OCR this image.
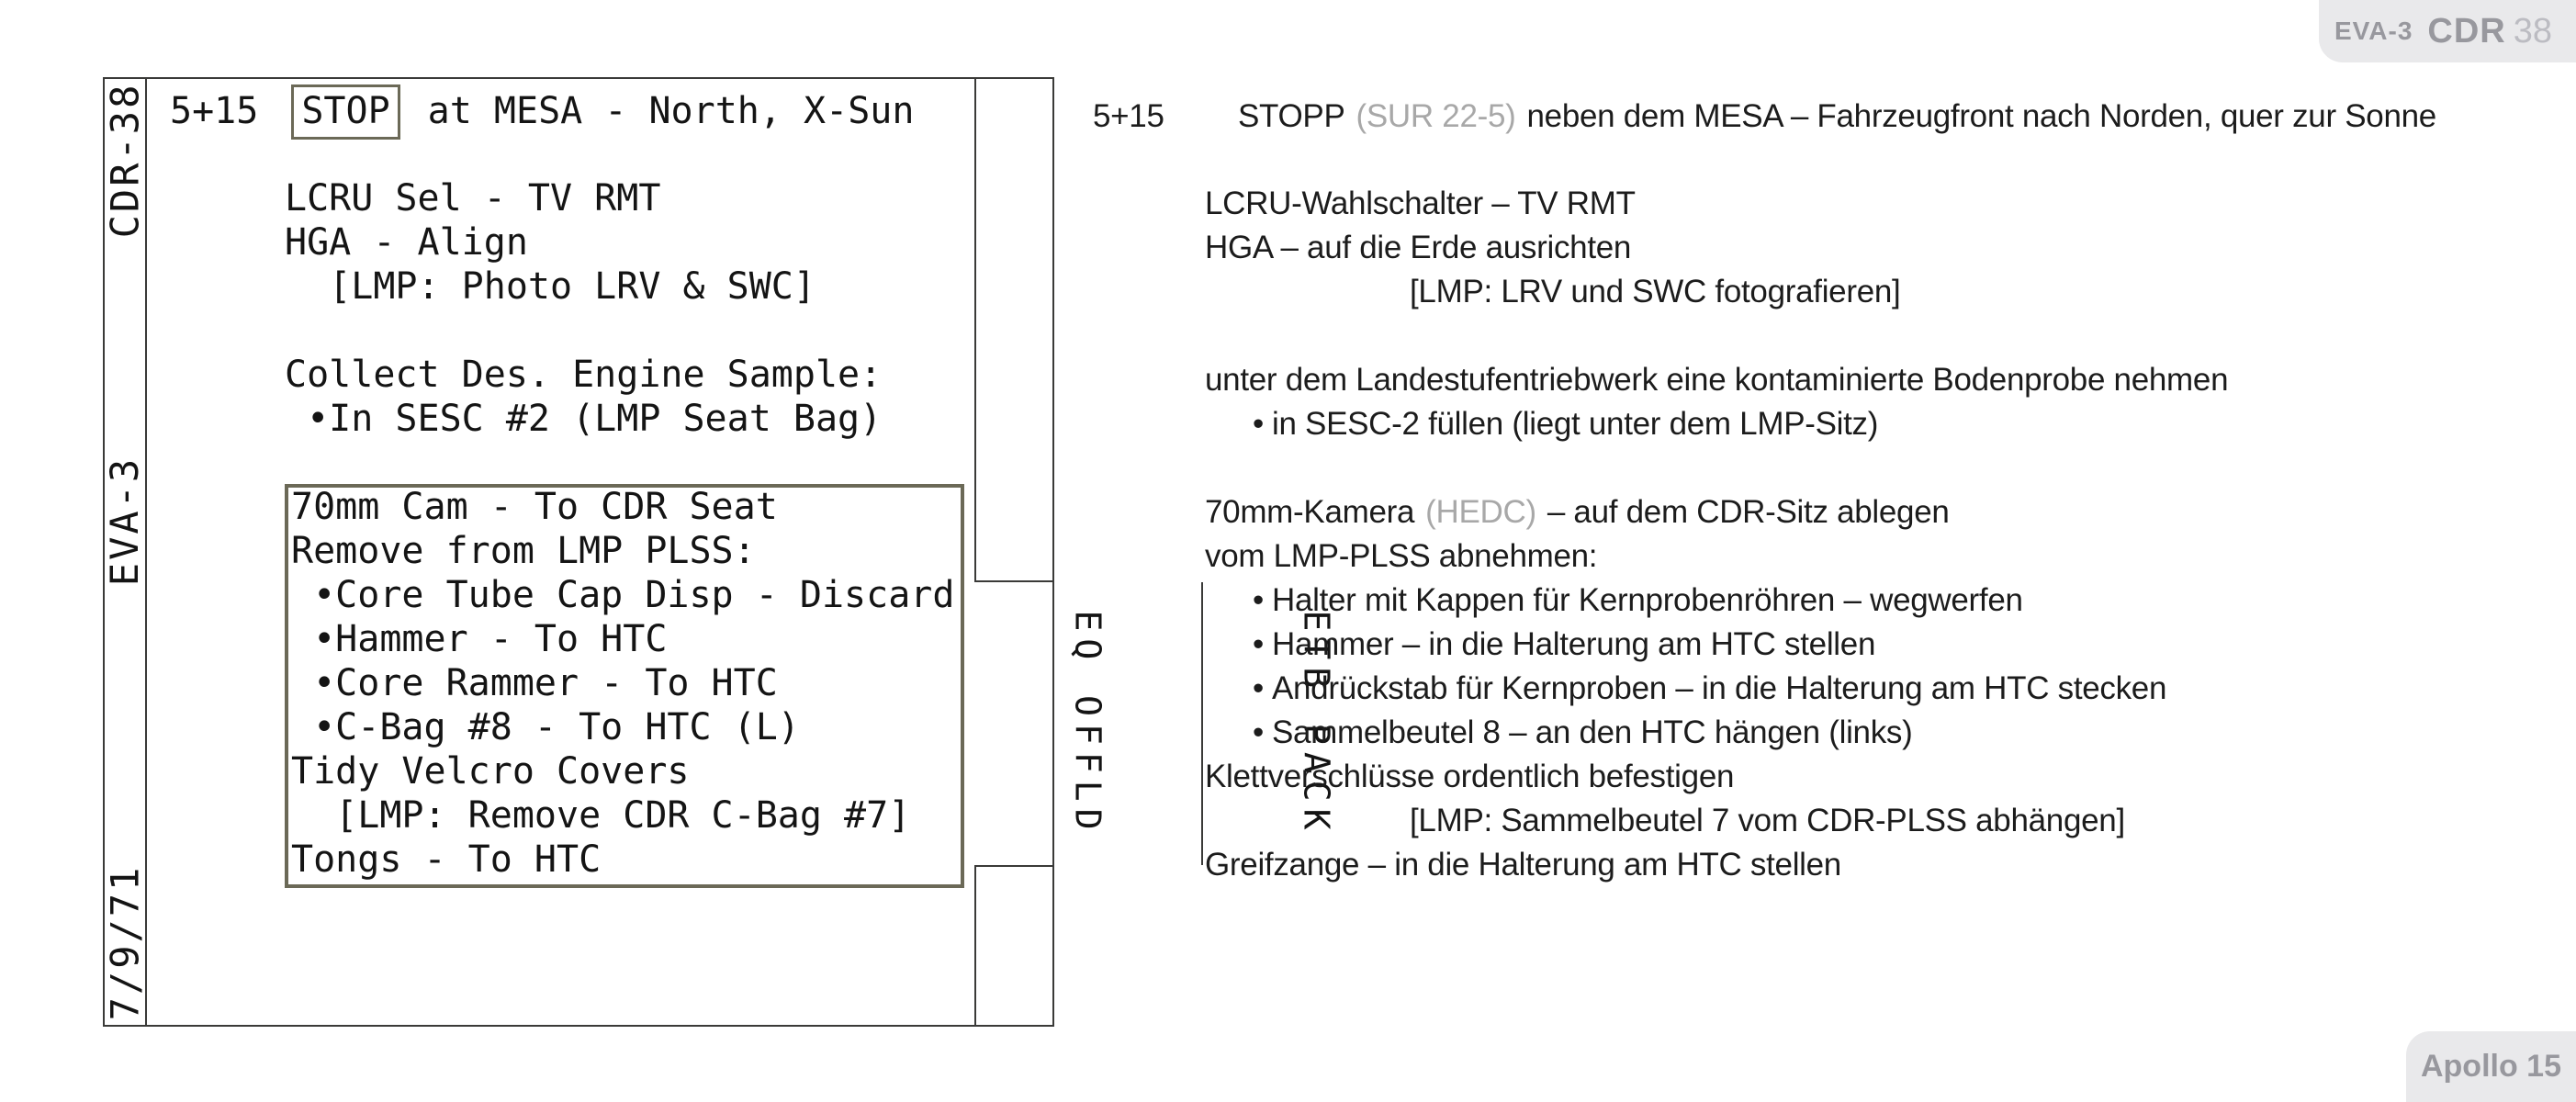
CDR-38
EVA-3
7/9/71
EQ OFFLD	ETB PACK
5+15 STOP at MESA - North, X-Sun
LCRU Sel - TV RMT
HGA - Align
[LMP: Photo LRV & SWC]
Collect Des. Engine Sample:
•In SESC #2 (LMP Seat Bag)
70mm Cam - To CDR Seat
Remove from LMP PLSS:
•Core Tube Cap Disp - Discard
•Hammer - To HTC
•Core Rammer - To HTC
•C-Bag #8 - To HTC (L)
Tidy Velcro Covers
[LMP: Remove CDR C-Bag #7]
Tongs - To HTC
5+15 STOPP (SUR 22-5) neben dem MESA – Fahrzeugfront nach Norden, quer zur Sonne
LCRU-Wahlschalter – TV RMT
HGA – auf die Erde ausrichten
[LMP: LRV und SWC fotografieren]
unter dem Landestufentriebwerk eine kontaminierte Bodenprobe nehmen
• in SESC-2 füllen (liegt unter dem LMP-Sitz)
70mm-Kamera (HEDC) – auf dem CDR-Sitz ablegen
vom LMP-PLSS abnehmen:
• Halter mit Kappen für Kernprobenröhren – wegwerfen
• Hammer – in die Halterung am HTC stellen
• Andrückstab für Kernproben – in die Halterung am HTC stecken
• Sammelbeutel 8 – an den HTC hängen (links)
Klettverschlüsse ordentlich befestigen
[LMP: Sammelbeutel 7 vom CDR-PLSS abhängen]
Greifzange – in die Halterung am HTC stellen
EVA-3 CDR 38
Apollo 15
